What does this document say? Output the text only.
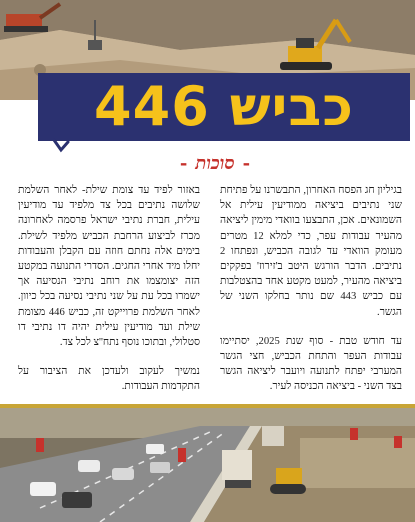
כביש 446
-
סוכות
-

בגיליון חג הפסח האחרון, התבשרנו על פתיחת שני נתיבים ביציאה ממודיעין עילית אל השמונאים. אכן, התבצעו בוואדי מימין ליציאה מהעיר עבודות עפר, כדי למלא 12 מטרים מעומק הוואדי עד לגובה הכביש, ונפתחו 2 נתיבים. הדבר הורגש היטב ב'זירוז' בפקקים ביציאה מהעיר, למעט מקטע אחד בהצטלבות עם כביש 443 שם נותר בחלקו השני של הגשר.

עד חודש טבת - סוף שנת 2025, יסתיימו עבודות העפר והתחת הכביש, חצי הגשר המערבי יפתח לתנועה ויועבר ליציאה הגשר בצד השני - ביציאה הכניסה לעיר.

באזור לפיד עד צומת שילת- לאחר השלמת שלושה נתיבים בכל צד מלפיד עד מודיעין עילית, חברת נתיבי ישראל פרסמה לאחרונה מכרז לביצוע הרחבת הכביש מלפיד לשילת. בימים אלה נחתם חוזה עם הקבלן והעבודות יחלו מיד אחרי החגים. הסדרי התנועה במקטע הזה יצומצמו את רוחב נתיבי הנסיעה אך ישמרו בכל עת על שני נתיבי נסיעה בכל כיוון. לאחר השלמת פרוייקט זה, כביש 446 מצומת שילת ועד מודיעין עילית יהיה דו נתיבי דו סטלולי, ובתוכו נוסף נתח''צ לכל צד.

נמשיך לעקוב ולעדכן את הציבור על התקדמות העבודות.
